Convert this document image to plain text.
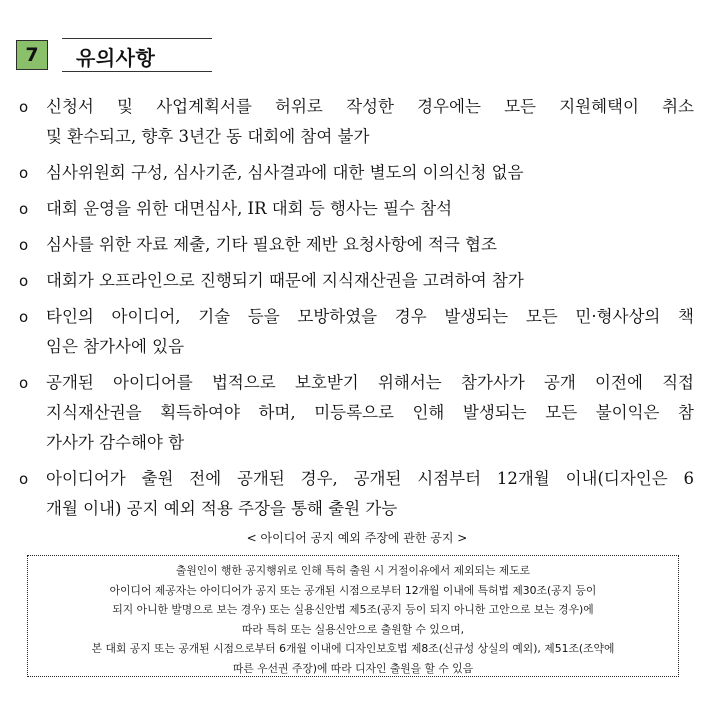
7	유의사항
o 신청서 및 사업계획서를 허위로 작성한 경우에는 모든 지원혜택이 취소
및 환수되고, 향후 3년간 동 대회에 참여 불가
o 심사위원회 구성, 심사기준, 심사결과에 대한 별도의 이의신청 없음
o 대회 운영을 위한 대면심사, IR 대회 등 행사는 필수 참석
o 심사를 위한 자료 제출, 기타 필요한 제반 요청사항에 적극 협조
o 대회가 오프라인으로 진행되기 때문에 지식재산권을 고려하여 참가
o 타인의 아이디어, 기술 등을 모방하였을 경우 발생되는 모든 민·형사상의 책
임은 참가사에 있음
o 공개된 아이디어를 법적으로 보호받기 위해서는 참가사가 공개 이전에 직접
지식재산권을 획득하여야 하며, 미등록으로 인해 발생되는 모든 불이익은 참
가사가 감수해야 함
o 아이디어가 출원 전에 공개된 경우, 공개된 시점부터 12개월 이내(디자인은 6
개월 이내) 공지 예외 적용 주장을 통해 출원 가능
< 아이디어 공지 예외 주장에 관한 공지 >
출원인이 행한 공지행위로 인해 특허 출원 시 거절이유에서 제외되는 제도로
아이디어 제공자는 아이디어가 공지 또는 공개된 시점으로부터 12개월 이내에 특허법 제30조(공지 등이
되지 아니한 발명으로 보는 경우) 또는 실용신안법 제5조(공지 등이 되지 아니한 고안으로 보는 경우)에
따라 특허 또는 실용신안으로 출원할 수 있으며,
본 대회 공지 또는 공개된 시점으로부터 6개월 이내에 디자인보호법 제8조(신규성 상실의 예외), 제51조(조약에
따른 우선권 주장)에 따라 디자인 출원을 할 수 있음
